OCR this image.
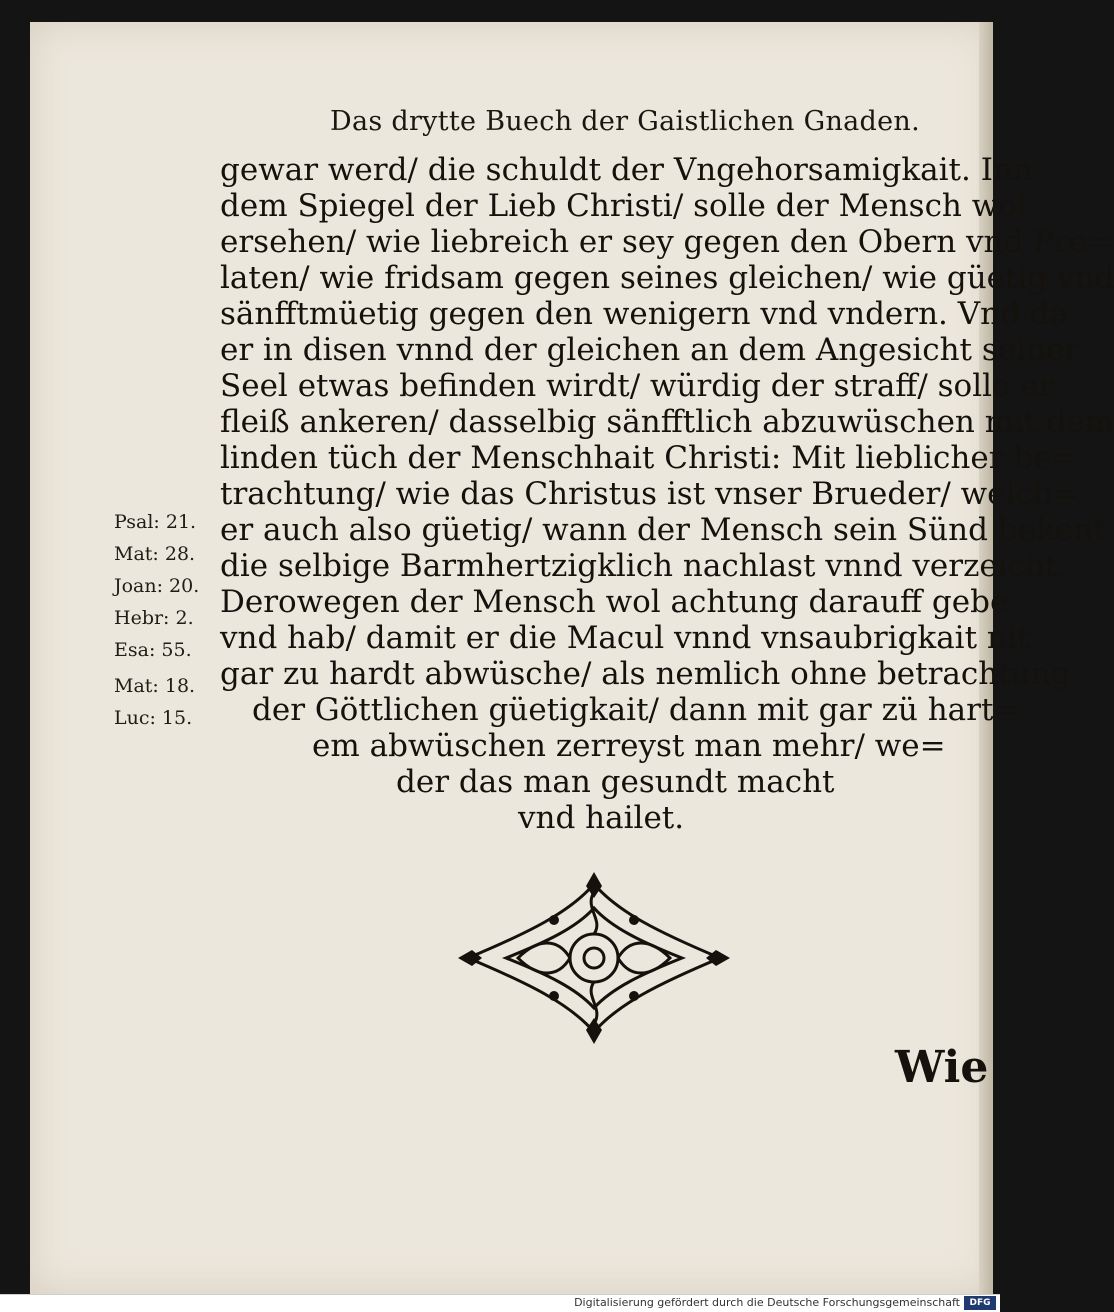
Das drytte Buech der Gaistlichen Gnaden.
gewar werd/ die schuldt der Vngehorsamigkait. Inn
dem Spiegel der Lieb Christi/ solle der Mensch wol
ersehen/ wie liebreich er sey gegen den Obern vnd Pre=
laten/ wie fridsam gegen seines gleichen/ wie güetig vnd
sänfftmüetig gegen den wenigern vnd vndern. Vnd da
er in disen vnnd der gleichen an dem Angesicht seiner
Seel etwas befinden wirdt/ würdig der straff/ solle er
fleiß ankeren/ dasselbig sänfftlich abzuwüschen mit dem
linden tüch der Menschhait Christi: Mit lieblicher be=
trachtung/ wie das Christus ist vnser Brueder/ welch=
er auch also güetig/ wann der Mensch sein Sünd bekent
die selbige Barmhertzigklich nachlast vnnd verzeicht.
Derowegen der Mensch wol achtung darauff gebe
vnd hab/ damit er die Macul vnnd vnsaubrigkait nit
gar zu hardt abwüsche/ als nemlich ohne betrachtung
der Göttlichen güetigkait/ dann mit gar zü hart=
em abwüschen zerreyst man mehr/ we=
der das man gesundt macht
vnd hailet.
Psal: 21.
Mat: 28.
Joan: 20.
Hebr: 2.
Esa: 55.
Mat: 18.
Luc: 15.
Wie
Digitalisierung gefördert durch die Deutsche Forschungsgemeinschaft	DFG
